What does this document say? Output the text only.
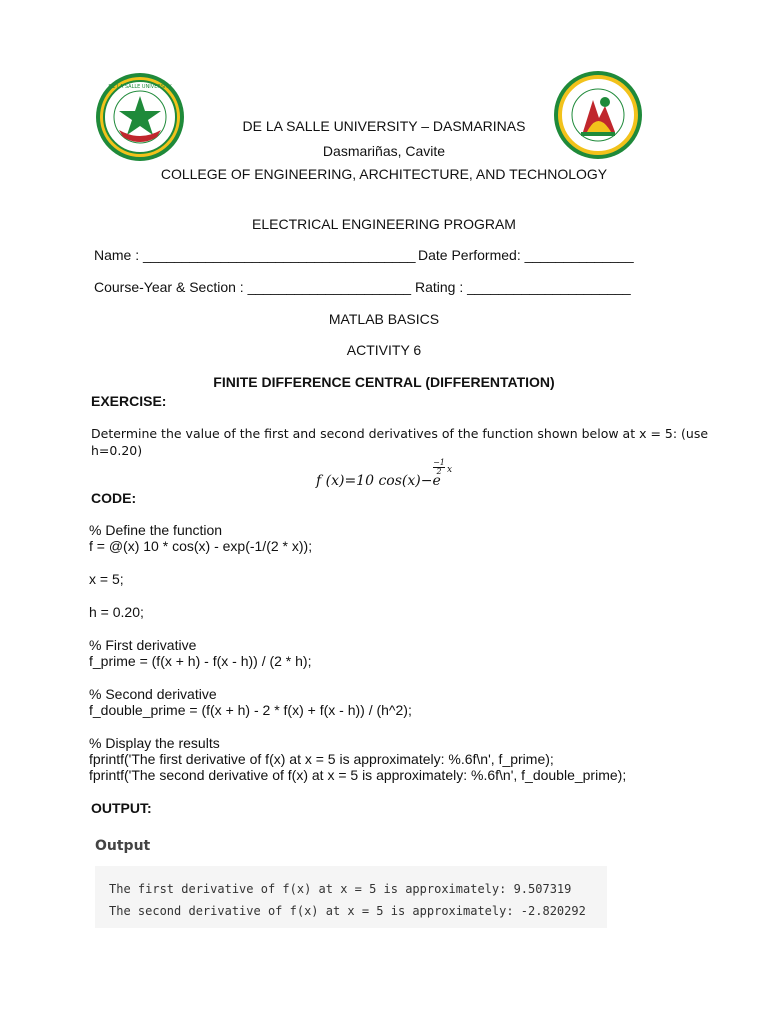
DE LA SALLE UNIVERSITY
DE LA SALLE UNIVERSITY – DASMARINAS
Dasmariñas, Cavite
COLLEGE OF ENGINEERING, ARCHITECTURE, AND TECHNOLOGY
ELECTRICAL ENGINEERING PROGRAM
Name : ___________________________________ Date Performed: ______________
Course-Year & Section : _____________________ Rating : _____________________
MATLAB BASICS
ACTIVITY 6
FINITE DIFFERENCE CENTRAL (DIFFERENTATION)
EXERCISE:
Determine the value of the first and second derivatives of the function shown below at x = 5: (use
h=0.20)
f (x)=10 cos(x)−e
$\frac{-1}{2}$ x
CODE:
% Define the function
f = @(x) 10 * cos(x) - exp(-1/(2 * x));
x = 5;
h = 0.20;
% First derivative
f_prime = (f(x + h) - f(x - h)) / (2 * h);
% Second derivative
f_double_prime = (f(x + h) - 2 * f(x) + f(x - h)) / (h^2);
% Display the results
fprintf('The first derivative of f(x) at x = 5 is approximately: %.6f\n', f_prime);
fprintf('The second derivative of f(x) at x = 5 is approximately: %.6f\n', f_double_prime);
OUTPUT:
Output
The first derivative of f(x) at x = 5 is approximately: 9.507319
The second derivative of f(x) at x = 5 is approximately: -2.820292
